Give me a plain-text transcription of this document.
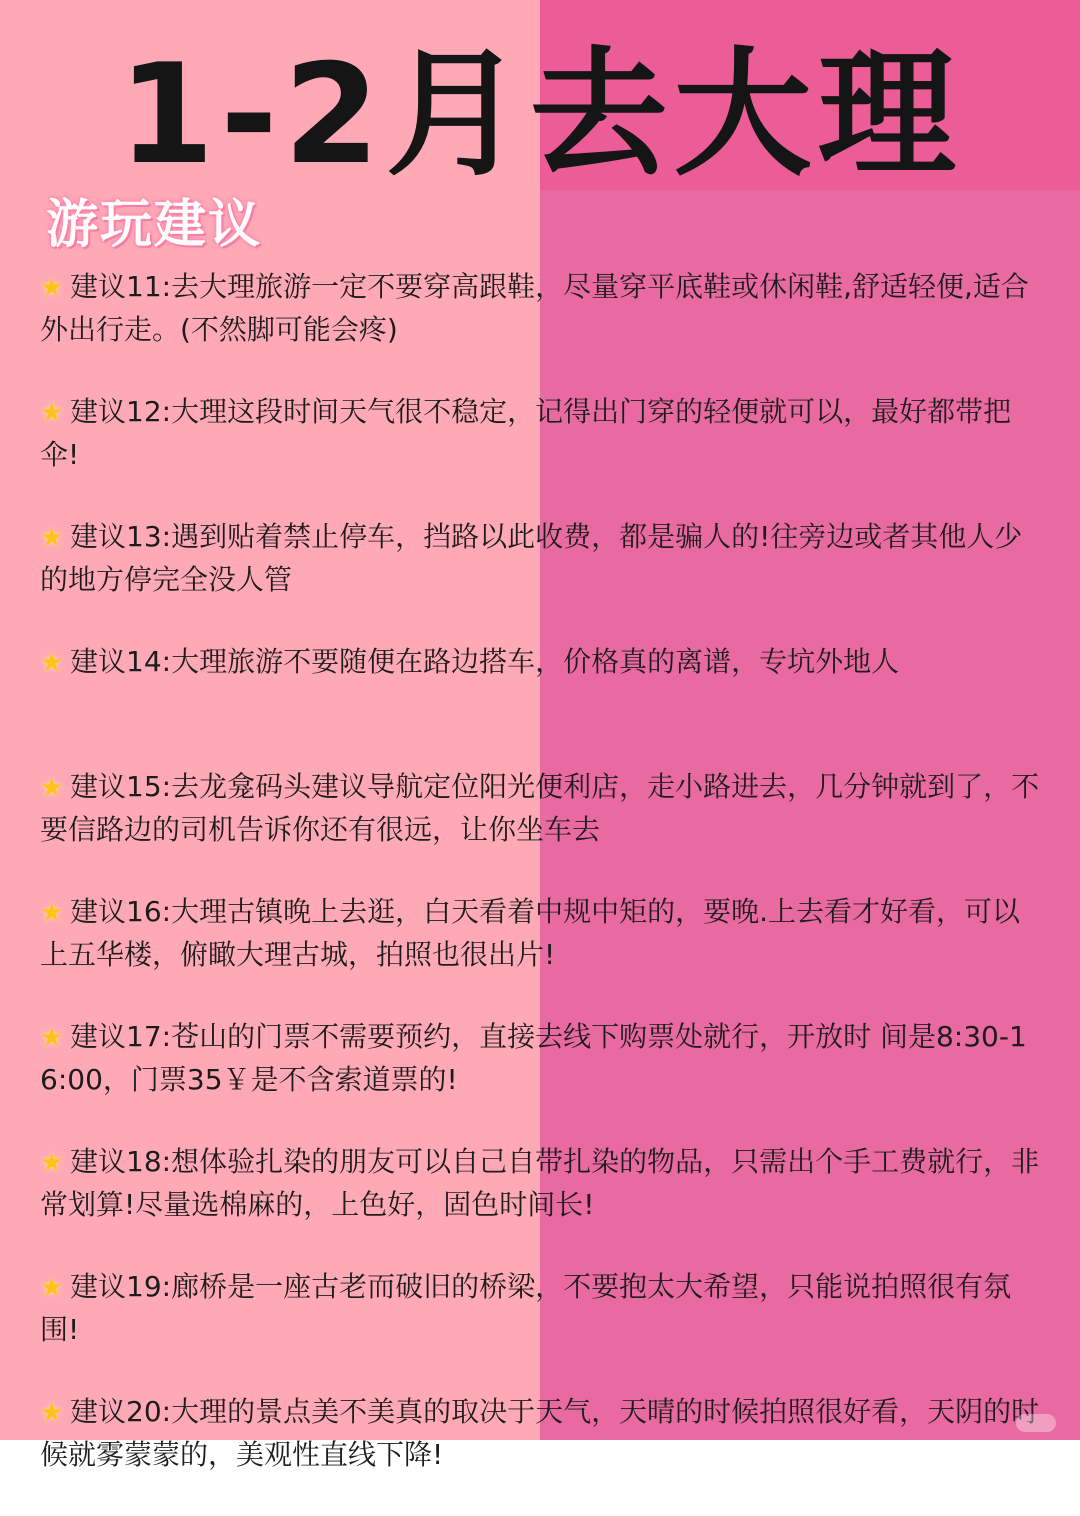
1-2月去大理
游玩建议
★ 建议11:去大理旅游一定不要穿高跟鞋，尽量穿平底鞋或休闲鞋,舒适轻便,适合外出行走。(不然脚可能会疼)
★ 建议12:大理这段时间天气很不稳定，记得出门穿的轻便就可以，最好都带把伞!
★ 建议13:遇到贴着禁止停车，挡路以此收费，都是骗人的!往旁边或者其他人少的地方停完全没人管
★ 建议14:大理旅游不要随便在路边搭车，价格真的离谱，专坑外地人
★ 建议15:去龙龛码头建议导航定位阳光便利店，走小路进去，几分钟就到了，不要信路边的司机告诉你还有很远，让你坐车去
★ 建议16:大理古镇晚上去逛，白天看着中规中矩的，要晚.上去看才好看，可以上五华楼，俯瞰大理古城，拍照也很出片!
★ 建议17:苍山的门票不需要预约，直接去线下购票处就行，开放时 间是8:30-1 6:00，门票35￥是不含索道票的!
★ 建议18:想体验扎染的朋友可以自己自带扎染的物品，只需出个手工费就行，非常划算!尽量选棉麻的，上色好，固色时间长!
★ 建议19:廊桥是一座古老而破旧的桥梁，不要抱太大希望，只能说拍照很有氛围!
★ 建议20:大理的景点美不美真的取决于天气，天晴的时候拍照很好看，天阴的时候就雾蒙蒙的，美观性直线下降!
